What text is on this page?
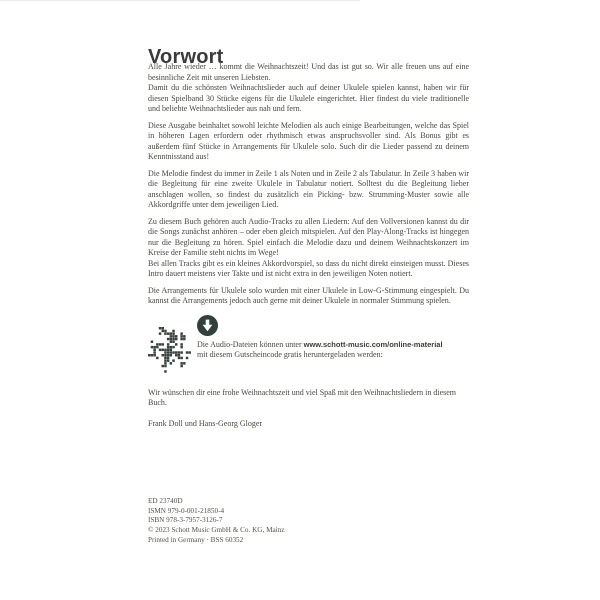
Vorwort
Alle Jahre wieder … kommt die Weihnachtszeit! Und das ist gut so. Wir alle freuen uns auf eine besinnliche Zeit mit unseren Liebsten.
Damit du die schönsten Weihnachtslieder auch auf deiner Ukulele spielen kannst, haben wir für diesen Spielband 30 Stücke eigens für die Ukulele eingerichtet. Hier findest du viele traditionelle und beliebte Weihnachtslieder aus nah und fern.
Diese Ausgabe beinhaltet sowohl leichte Melodien als auch einige Bearbeitungen, welche das Spiel in höheren Lagen erfordern oder rhythmisch etwas anspruchsvoller sind. Als Bonus gibt es außerdem fünf Stücke in Arrangements für Ukulele solo. Such dir die Lieder passend zu deinem Kenntnisstand aus!
Die Melodie findest du immer in Zeile 1 als Noten und in Zeile 2 als Tabulatur. In Zeile 3 haben wir die Begleitung für eine zweite Ukulele in Tabulatur notiert. Solltest du die Begleitung lieber anschlagen wollen, so findest du zusätzlich ein Picking- bzw. Strumming-Muster sowie alle Akkordgriffe unter dem jeweiligen Lied.
Zu diesem Buch gehören auch Audio-Tracks zu allen Liedern: Auf den Vollversionen kannst du dir die Songs zunächst anhören – oder eben gleich mitspielen. Auf den Play-Along-Tracks ist hingegen nur die Begleitung zu hören. Spiel einfach die Melodie dazu und deinem Weihnachtskonzert im Kreise der Familie steht nichts im Wege!
Bei allen Tracks gibt es ein kleines Akkordvorspiel, so dass du nicht direkt einsteigen musst. Dieses Intro dauert meistens vier Takte und ist nicht extra in den jeweiligen Noten notiert.
Die Arrangements für Ukulele solo wurden mit einer Ukulele in Low-G-Stimmung eingespielt. Du kannst die Arrangements jedoch auch gerne mit deiner Ukulele in normaler Stimmung spielen.
Die Audio-Dateien können unter www.schott-music.com/online-material
mit diesem Gutscheincode gratis heruntergeladen werden:
Wir wünschen dir eine frohe Weihnachtszeit und viel Spaß mit den Weihnachtsliedern in diesem Buch.
Frank Doll und Hans-Georg Gloger
ED 23740D
ISMN 979-0-001-21850-4
ISBN 978-3-7957-3126-7
© 2023 Schott Music GmbH & Co. KG, Mainz
Printed in Germany · BSS 60352
